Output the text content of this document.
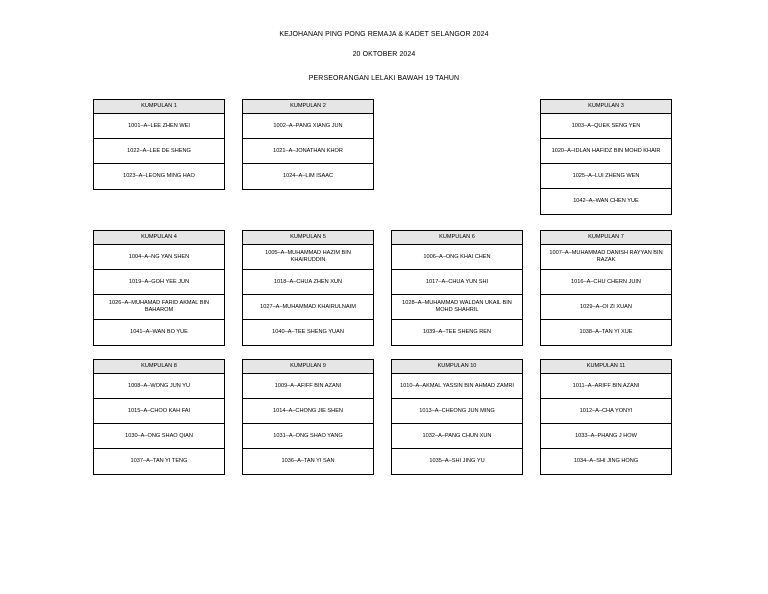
KEJOHANAN PING PONG REMAJA & KADET SELANGOR 2024
20 OKTOBER 2024
PERSEORANGAN LELAKI BAWAH 19 TAHUN
KUMPULAN 1
1001–A–LEE ZHEN WEI
1022–A–LEE DE SHENG
1023–A–LEONG MING HAO
KUMPULAN 2
1002–A–PANG XIANG JUN
1021–A–JONATHAN KHOR
1024–A–LIM ISAAC
KUMPULAN 3
1003–A–QUEK SENG YEN
1020–A–IDLAN HAFIDZ BIN MOHD KHAIR
1025–A–LUI ZHENG WEN
1042–A–WAN CHEN YUE
KUMPULAN 4
1004–A–NG YAN SHEN
1019–A–GOH YEE JUN
1026–A–MUHAMAD FARID AKMAL BIN BAHAROM
1041–A–WAN BO YUE
KUMPULAN 5
1005–A–MUHAMMAD HAZIM BIN KHAIRUDDIN
1018–A–CHUA ZHEN XUN
1027–A–MUHAMMAD KHAIRULNAIM
1040–A–TEE SHENG YUAN
KUMPULAN 6
1006–A–ONG KHAI CHEN
1017–A–CHUA YUN SHI
1028–A–MUHAMMAD WALDAN UKAIL BIN MOHD SHAHRIL
1039–A–TEE SHENG REN
KUMPULAN 7
1007–A–MUHAMMAD DANISH RAYYAN BIN RAZAK
1016–A–CHU CHERN JUIN
1029–A–OI ZI XUAN
1038–A–TAN YI XUE
KUMPULAN 8
1008–A–WONG JUN YU
1015–A–CHOO KAH FAI
1030–A–ONG SHAO QIAN
1037–A–TAN YI TENG
KUMPULAN 9
1009–A–AFIFF BIN AZANI
1014–A–CHONG JIE SHEN
1031–A–ONG SHAO YANG
1036–A–TAN YI SAN
KUMPULAN 10
1010–A–AKMAL YASSIN BIN AHMAD ZAMRI
1013–A–CHEONG JUN MING
1032–A–PANG CHUN XUN
1035–A–SHI JING YU
KUMPULAN 11
1011–A–ARIFF BIN AZANI
1012–A–CHA YONYI
1033–A–PHANG J HOW
1034–A–SHI JING HONG
